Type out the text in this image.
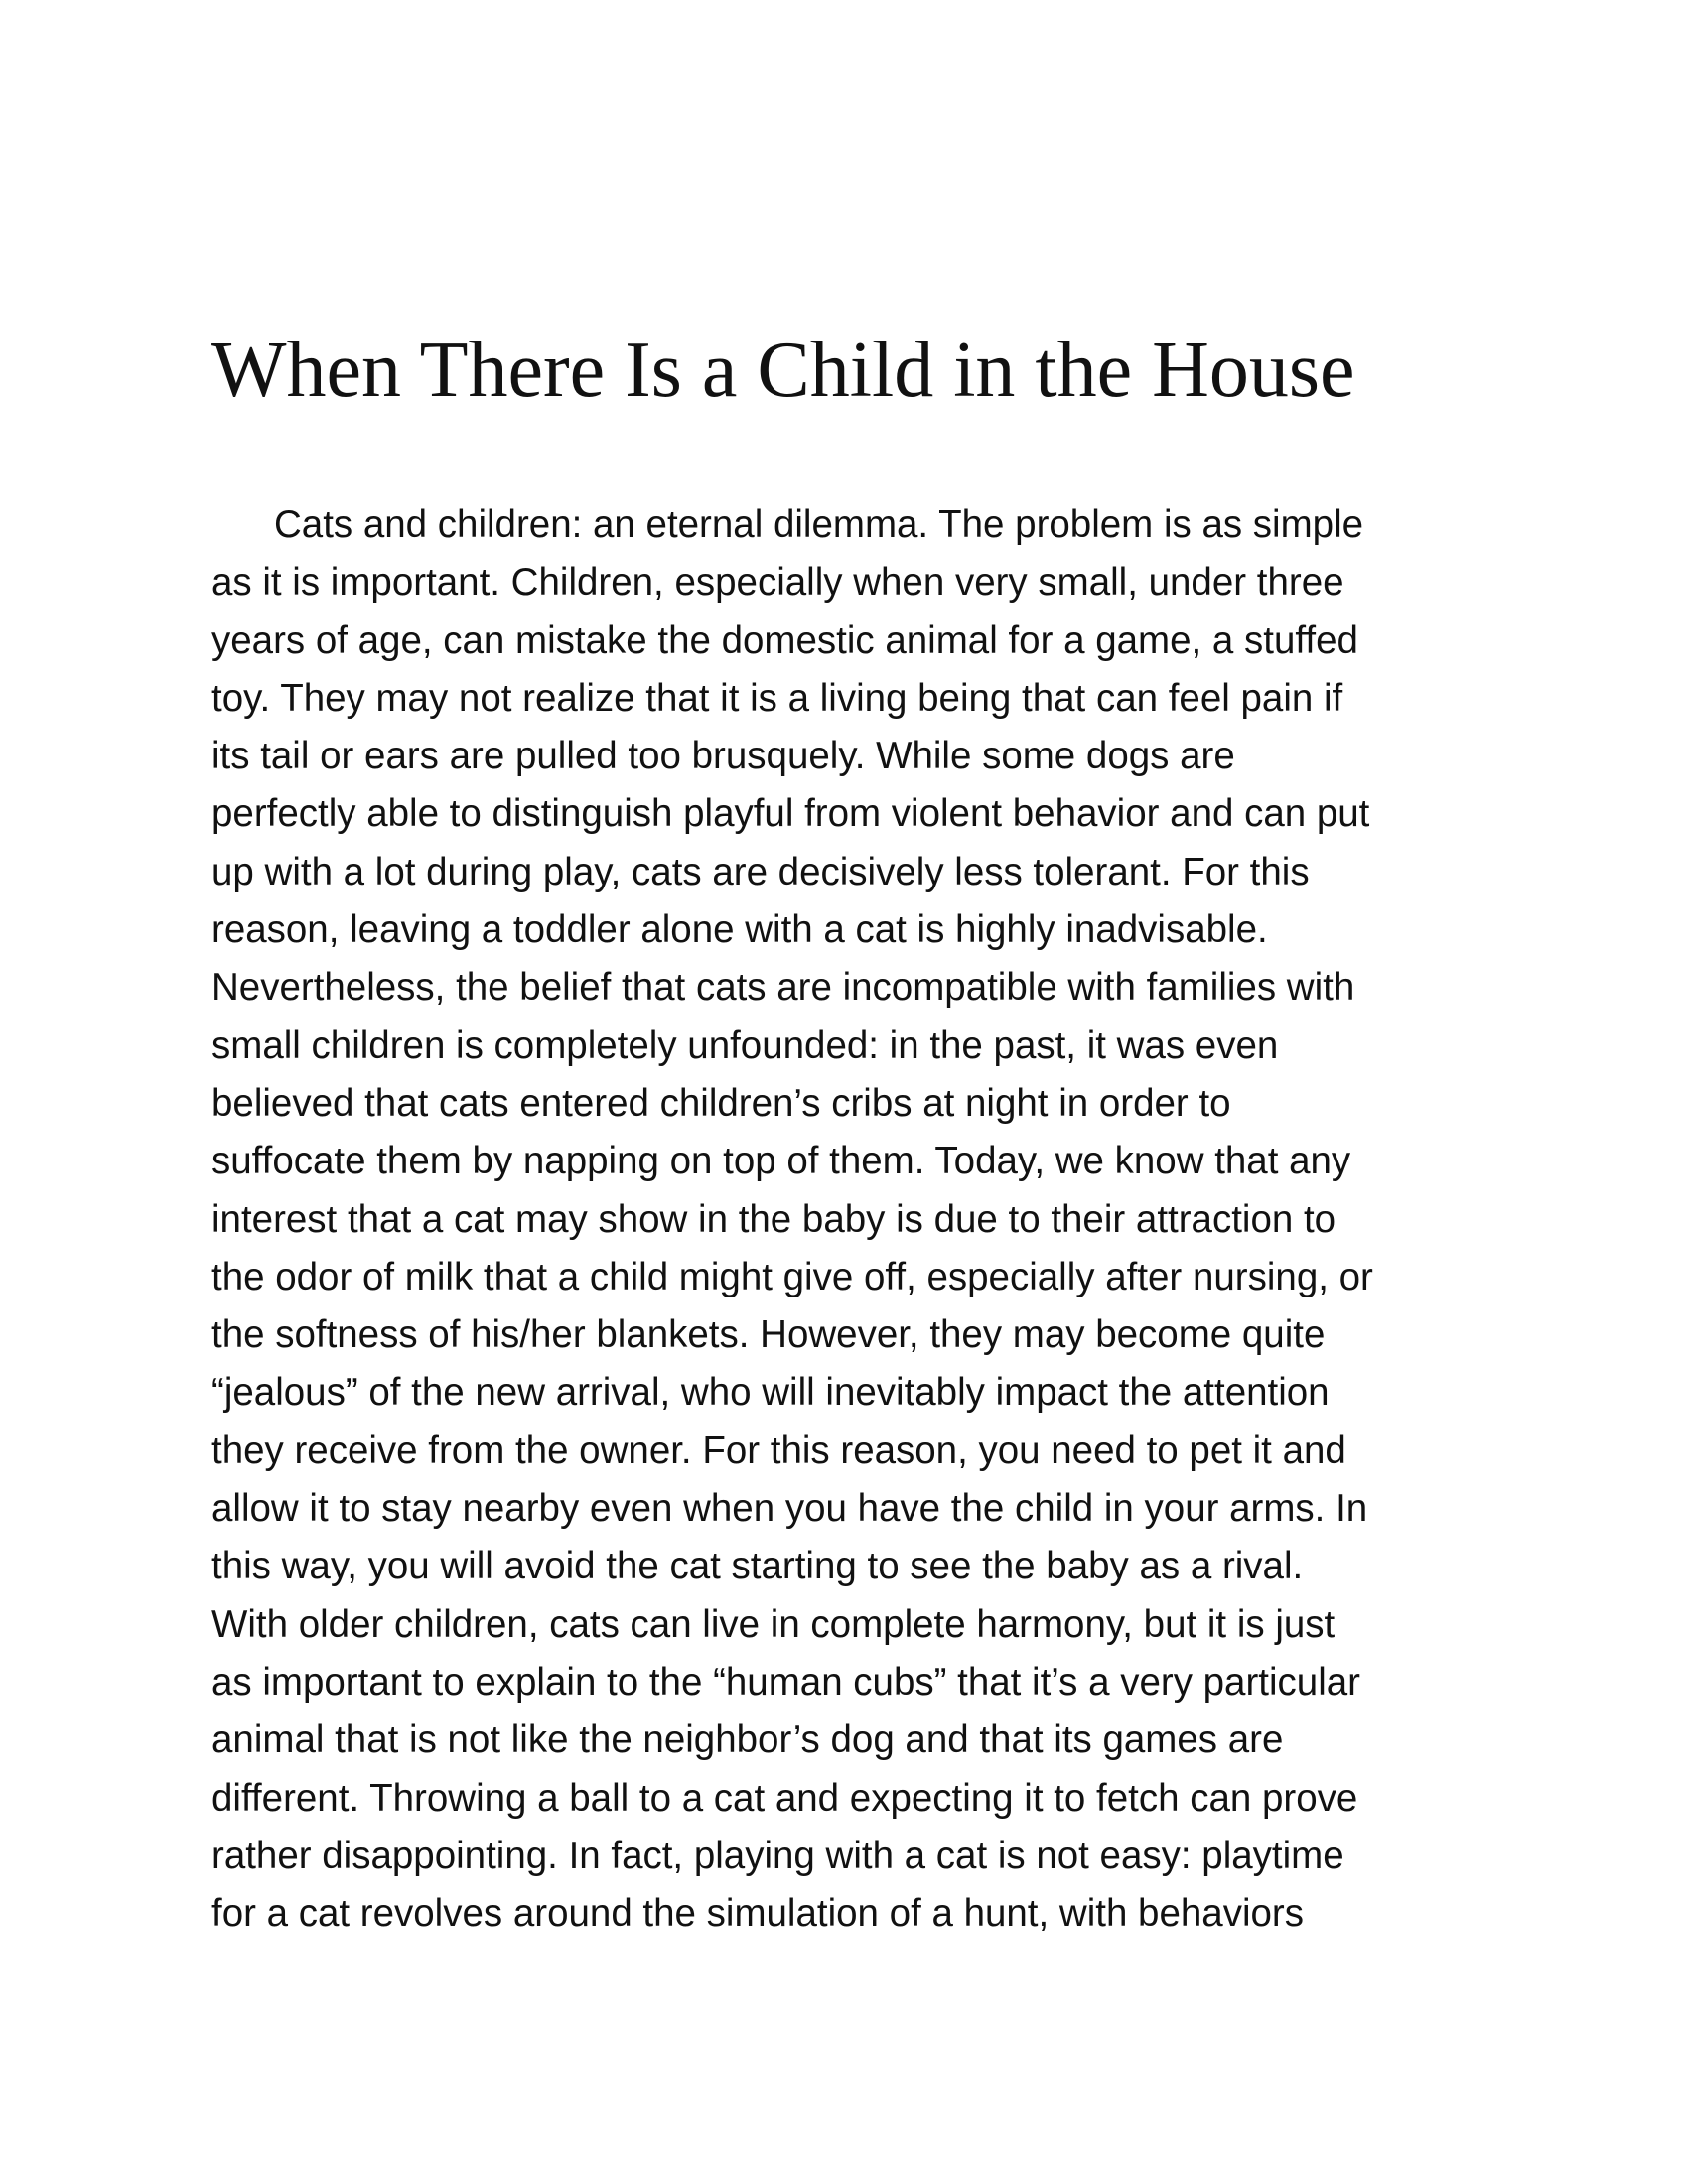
When There Is a Child in the House
Cats and children: an eternal dilemma. The problem is as simple
as it is important. Children, especially when very small, under three
years of age, can mistake the domestic animal for a game, a stuffed
toy. They may not realize that it is a living being that can feel pain if
its tail or ears are pulled too brusquely. While some dogs are
perfectly able to distinguish playful from violent behavior and can put
up with a lot during play, cats are decisively less tolerant. For this
reason, leaving a toddler alone with a cat is highly inadvisable.
Nevertheless, the belief that cats are incompatible with families with
small children is completely unfounded: in the past, it was even
believed that cats entered children’s cribs at night in order to
suffocate them by napping on top of them. Today, we know that any
interest that a cat may show in the baby is due to their attraction to
the odor of milk that a child might give off, especially after nursing, or
the softness of his/her blankets. However, they may become quite
“jealous” of the new arrival, who will inevitably impact the attention
they receive from the owner. For this reason, you need to pet it and
allow it to stay nearby even when you have the child in your arms. In
this way, you will avoid the cat starting to see the baby as a rival.
With older children, cats can live in complete harmony, but it is just
as important to explain to the “human cubs” that it’s a very particular
animal that is not like the neighbor’s dog and that its games are
different. Throwing a ball to a cat and expecting it to fetch can prove
rather disappointing. In fact, playing with a cat is not easy: playtime
for a cat revolves around the simulation of a hunt, with behaviors
